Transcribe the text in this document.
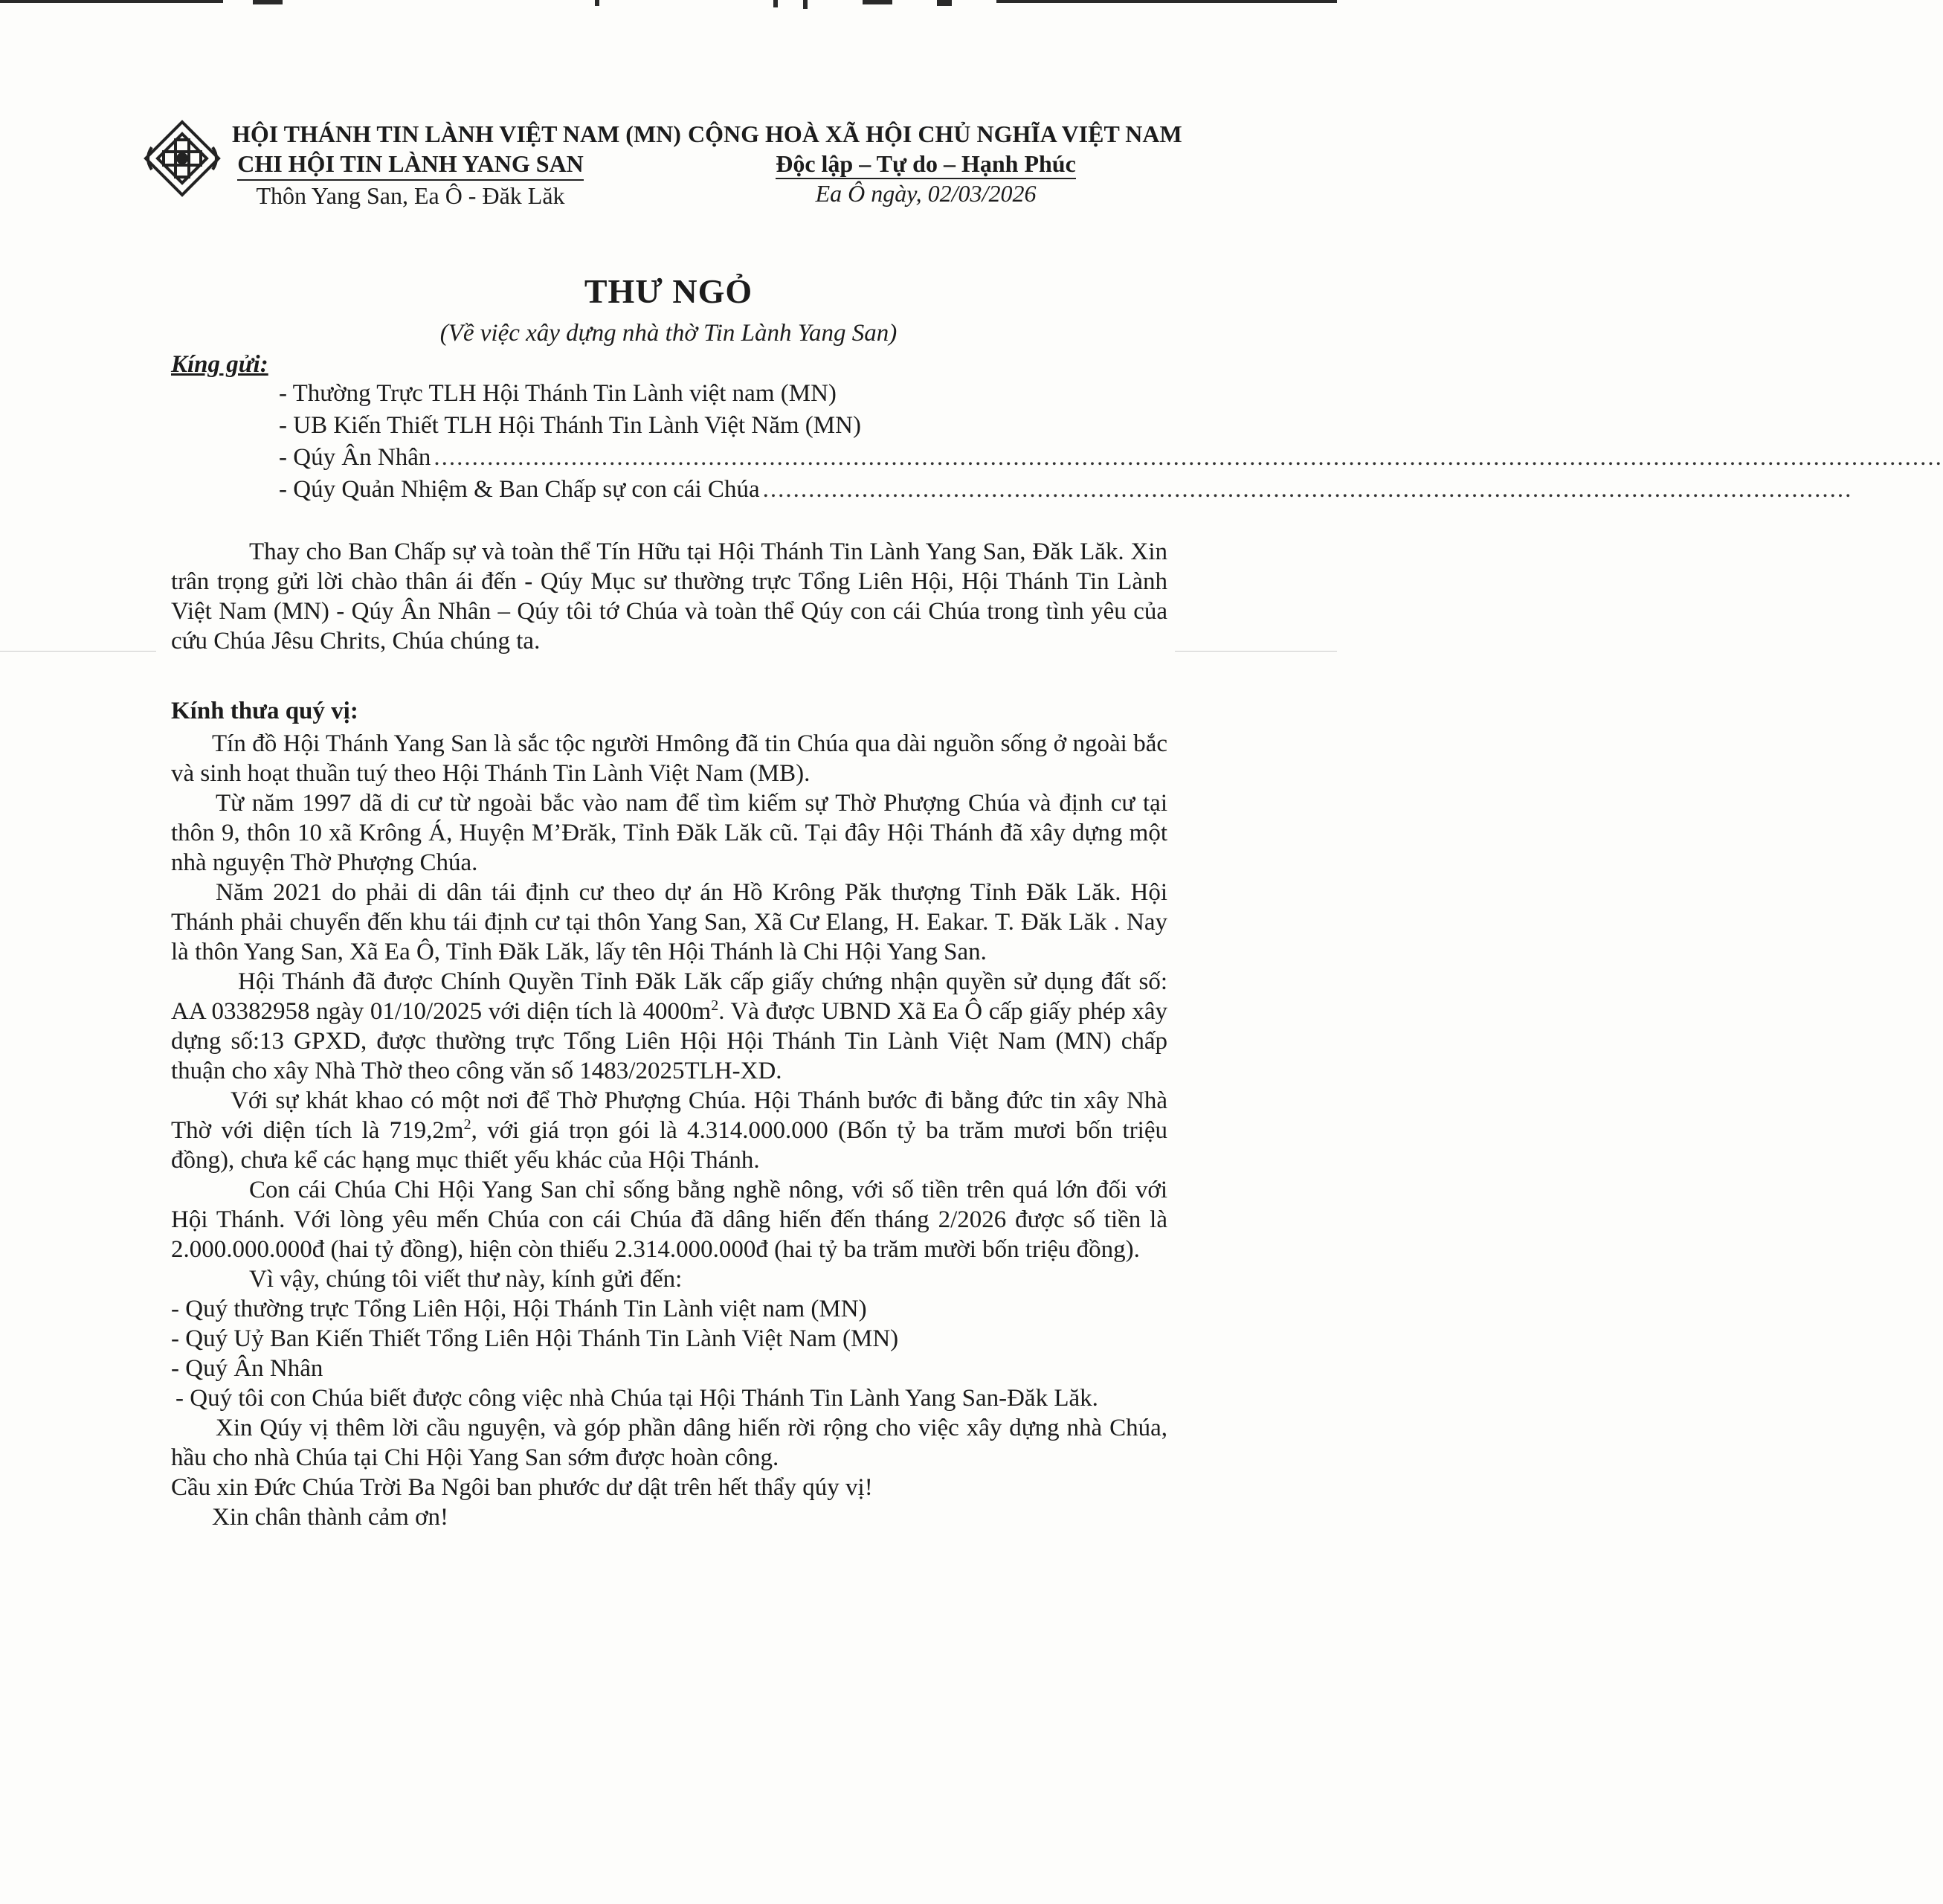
HỘI THÁNH TIN LÀNH VIỆT NAM (MN)
CHI HỘI TIN LÀNH YANG SAN
Thôn Yang San, Ea Ô - Đăk Lăk
CỘNG HOÀ XÃ HỘI CHỦ NGHĨA VIỆT NAM
Độc lập – Tự do – Hạnh Phúc
Ea Ô ngày, 02/03/2026
THƯ NGỎ
(Về việc xây dựng nhà thờ Tin Lành Yang San)
Kíng gửi:
- Thường Trực TLH Hội Thánh Tin Lành việt nam (MN)
- UB Kiến Thiết TLH Hội Thánh Tin Lành Việt Năm (MN)
- Qúy Ân Nhân ......................................................................................................................................................................................................
- Qúy Quản Nhiệm & Ban Chấp sự con cái Chúa ...............................................................................................................................................
Thay cho Ban Chấp sự và toàn thể Tín Hữu tại Hội Thánh Tin Lành Yang San, Đăk Lăk. Xin trân trọng gửi lời chào thân ái đến - Qúy Mục sư thường trực Tổng Liên Hội, Hội Thánh Tin Lành Việt Nam (MN) - Qúy Ân Nhân – Qúy tôi tớ Chúa và toàn thể Qúy con cái Chúa trong tình yêu của cứu Chúa Jêsu Chrits, Chúa chúng ta.
Kính thưa quý vị:

Tín đồ Hội Thánh Yang San là sắc tộc người Hmông đã tin Chúa qua dài nguồn sống ở ngoài bắc và sinh hoạt thuần tuý theo Hội Thánh Tin Lành Việt Nam (MB).

Từ năm 1997 dã di cư từ ngoài bắc vào nam để tìm kiếm sự Thờ Phượng Chúa và định cư tại thôn 9, thôn 10 xã Krông Á, Huyện M’Đrăk, Tỉnh Đăk Lăk cũ. Tại đây Hội Thánh đã xây dựng một nhà nguyện Thờ Phượng Chúa.

Năm 2021 do phải di dân tái định cư theo dự án Hồ Krông Păk thượng Tỉnh Đăk Lăk. Hội Thánh phải chuyển đến khu tái định cư tại thôn Yang San, Xã Cư Elang, H. Eakar. T. Đăk Lăk . Nay là thôn Yang San, Xã Ea Ô, Tỉnh Đăk Lăk, lấy tên Hội Thánh là Chi Hội Yang San.

Hội Thánh đã được Chính Quyền Tỉnh Đăk Lăk cấp giấy chứng nhận quyền sử dụng đất số: AA 03382958 ngày 01/10/2025 với diện tích là $4000m^2$. Và được UBND Xã Ea Ô cấp giấy phép xây dựng số:13 GPXD, được thường trực Tổng Liên Hội Hội Thánh Tin Lành Việt Nam (MN) chấp thuận cho xây Nhà Thờ theo công văn số 1483/2025TLH-XD.

Với sự khát khao có một nơi để Thờ Phượng Chúa. Hội Thánh bước đi bằng đức tin xây Nhà Thờ với diện tích là $719,2m^2$, với giá trọn gói là 4.314.000.000 (Bốn tỷ ba trăm mươi bốn triệu đồng), chưa kể các hạng mục thiết yếu khác của Hội Thánh.

Con cái Chúa Chi Hội Yang San chỉ sống bằng nghề nông, với số tiền trên quá lớn đối với Hội Thánh. Với lòng yêu mến Chúa con cái Chúa đã dâng hiến đến tháng 2/2026 được số tiền là 2.000.000.000đ (hai tỷ đồng), hiện còn thiếu 2.314.000.000đ (hai tỷ ba trăm mười bốn triệu đồng).

Vì vậy, chúng tôi viết thư này, kính gửi đến:

- Quý thường trực Tổng Liên Hội, Hội Thánh Tin Lành việt nam (MN)

- Quý Uỷ Ban Kiến Thiết Tổng Liên Hội Thánh Tin Lành Việt Nam (MN)

- Quý Ân Nhân

- Quý tôi con Chúa biết được công việc nhà Chúa tại Hội Thánh Tin Lành Yang San-Đăk Lăk.

Xin Qúy vị thêm lời cầu nguyện, và góp phần dâng hiến rời rộng cho việc xây dựng nhà Chúa, hầu cho nhà Chúa tại Chi Hội Yang San sớm được hoàn công.

Cầu xin Đức Chúa Trời Ba Ngôi ban phước dư dật trên hết thẩy qúy vị!

Xin chân thành cảm ơn!
